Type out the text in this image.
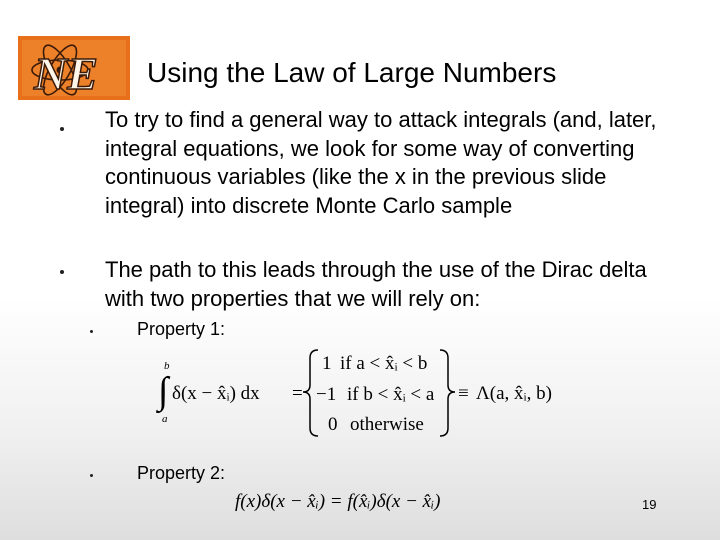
NE Using the Law of Large Numbers
To try to find a general way to attack integrals (and, later, integral equations, we look for some way of converting continuous variables (like the x in the previous slide integral) into discrete Monte Carlo sample
The path to this leads through the use of the Dirac delta with two properties that we will rely on:
Property 1:
b
∫
a
δ(x − x̂ᵢ) dx =
1 if a < x̂ᵢ < b
−1 if b < x̂ᵢ < a
0 otherwise
≡ Λ(a, x̂ᵢ, b)
Property 2:
f(x)δ(x − x̂ᵢ) = f(x̂ᵢ)δ(x − x̂ᵢ)	19
